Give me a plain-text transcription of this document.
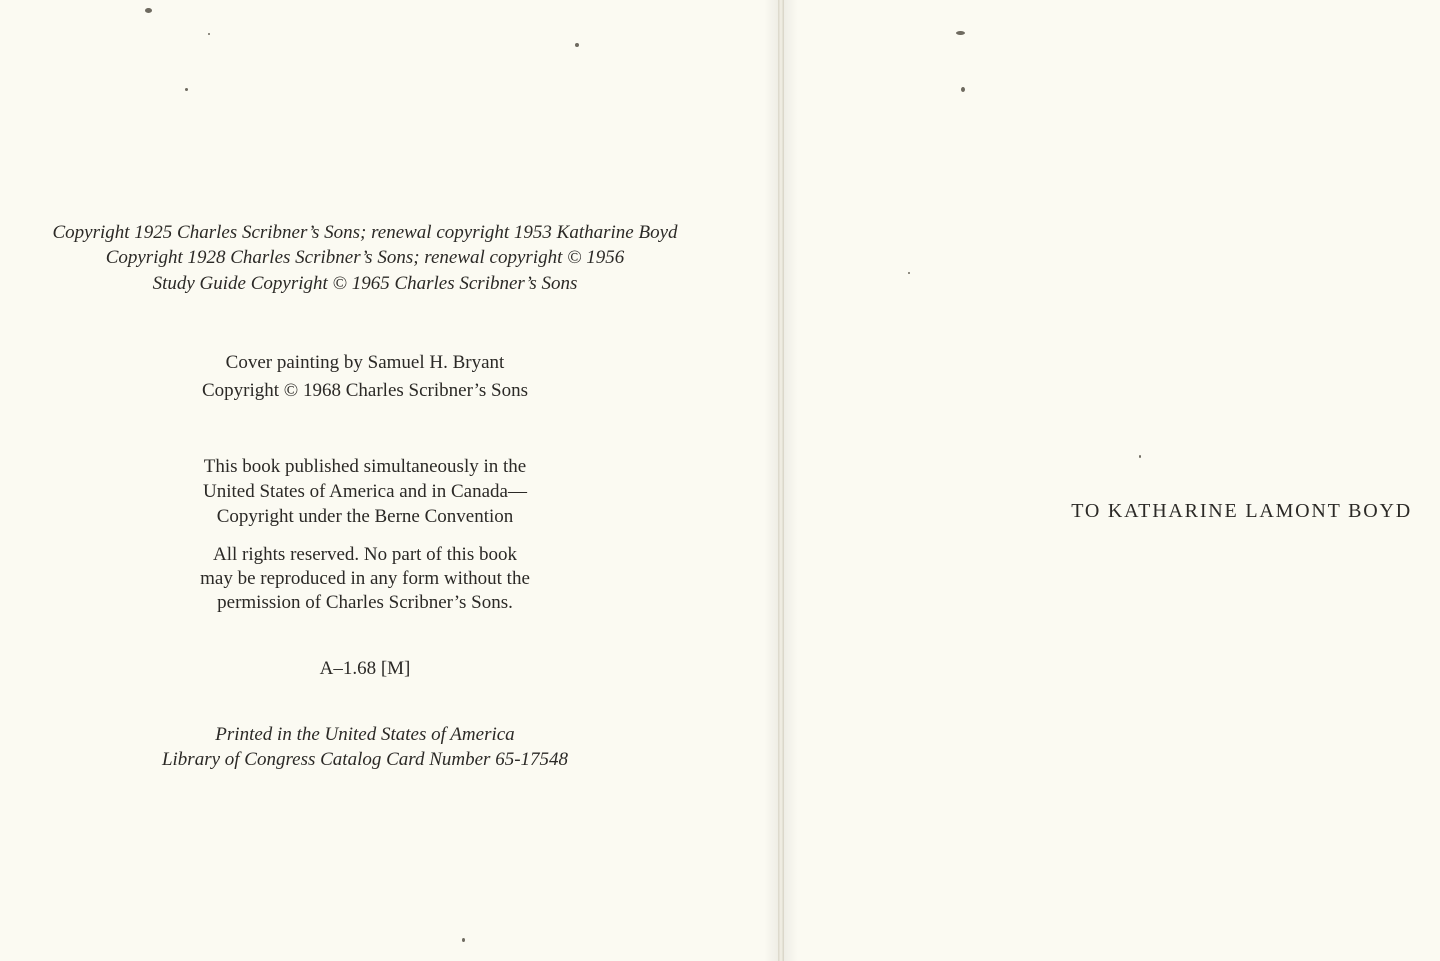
Copyright 1925 Charles Scribner’s Sons; renewal copyright 1953 Katharine Boyd
Copyright 1928 Charles Scribner’s Sons; renewal copyright © 1956
Study Guide Copyright © 1965 Charles Scribner’s Sons
Cover painting by Samuel H. Bryant
Copyright © 1968 Charles Scribner’s Sons
This book published simultaneously in the
United States of America and in Canada—
Copyright under the Berne Convention
All rights reserved. No part of this book
may be reproduced in any form without the
permission of Charles Scribner’s Sons.
A–1.68 [M]
Printed in the United States of America
Library of Congress Catalog Card Number 65-17548
TO KATHARINE LAMONT BOYD
